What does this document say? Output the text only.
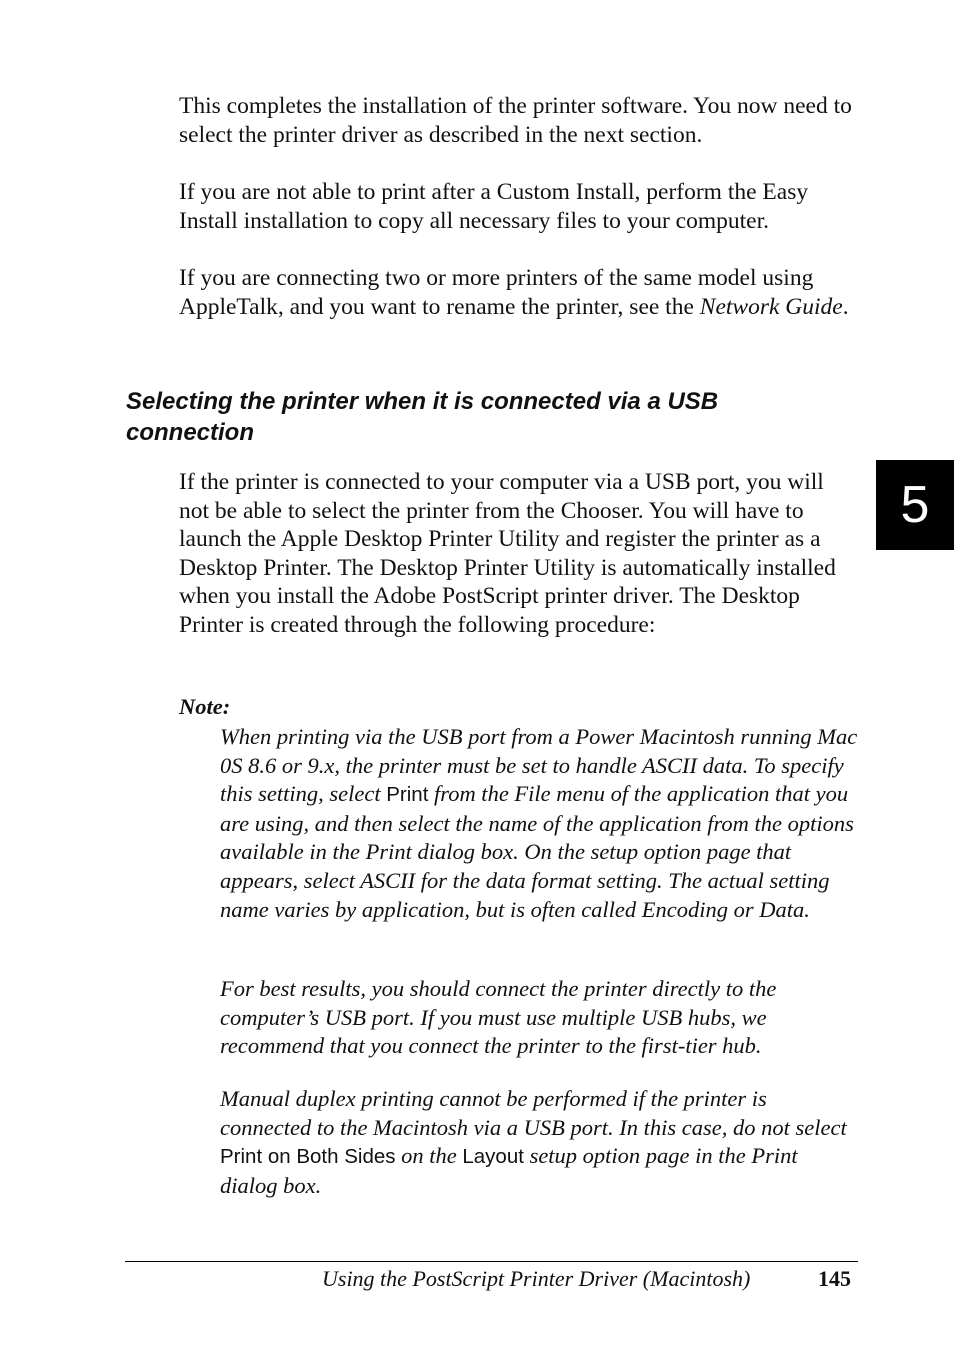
This completes the installation of the printer software. You now need to select the printer driver as described in the next section.

If you are not able to print after a Custom Install, perform the Easy Install installation to copy all necessary files to your computer.

If you are connecting two or more printers of the same model using AppleTalk, and you want to rename the printer, see the Network Guide.

Selecting the printer when it is connected via a USB connection

If the printer is connected to your computer via a USB port, you will not be able to select the printer from the Chooser. You will have to launch the Apple Desktop Printer Utility and register the printer as a Desktop Printer. The Desktop Printer Utility is automatically installed when you install the Adobe PostScript printer driver. The Desktop Printer is created through the following procedure:

Note:

When printing via the USB port from a Power Macintosh running Mac 0S 8.6 or 9.x, the printer must be set to handle ASCII data. To specify this setting, select Print from the File menu of the application that you are using, and then select the name of the application from the options available in the Print dialog box. On the setup option page that appears, select ASCII for the data format setting. The actual setting name varies by application, but is often called Encoding or Data.

For best results, you should connect the printer directly to the computer’s USB port. If you must use multiple USB hubs, we recommend that you connect the printer to the first-tier hub.

Manual duplex printing cannot be performed if the printer is connected to the Macintosh via a USB port. In this case, do not select Print on Both Sides on the Layout setup option page in the Print dialog box.

5
Using the PostScript Printer Driver (Macintosh)	145
